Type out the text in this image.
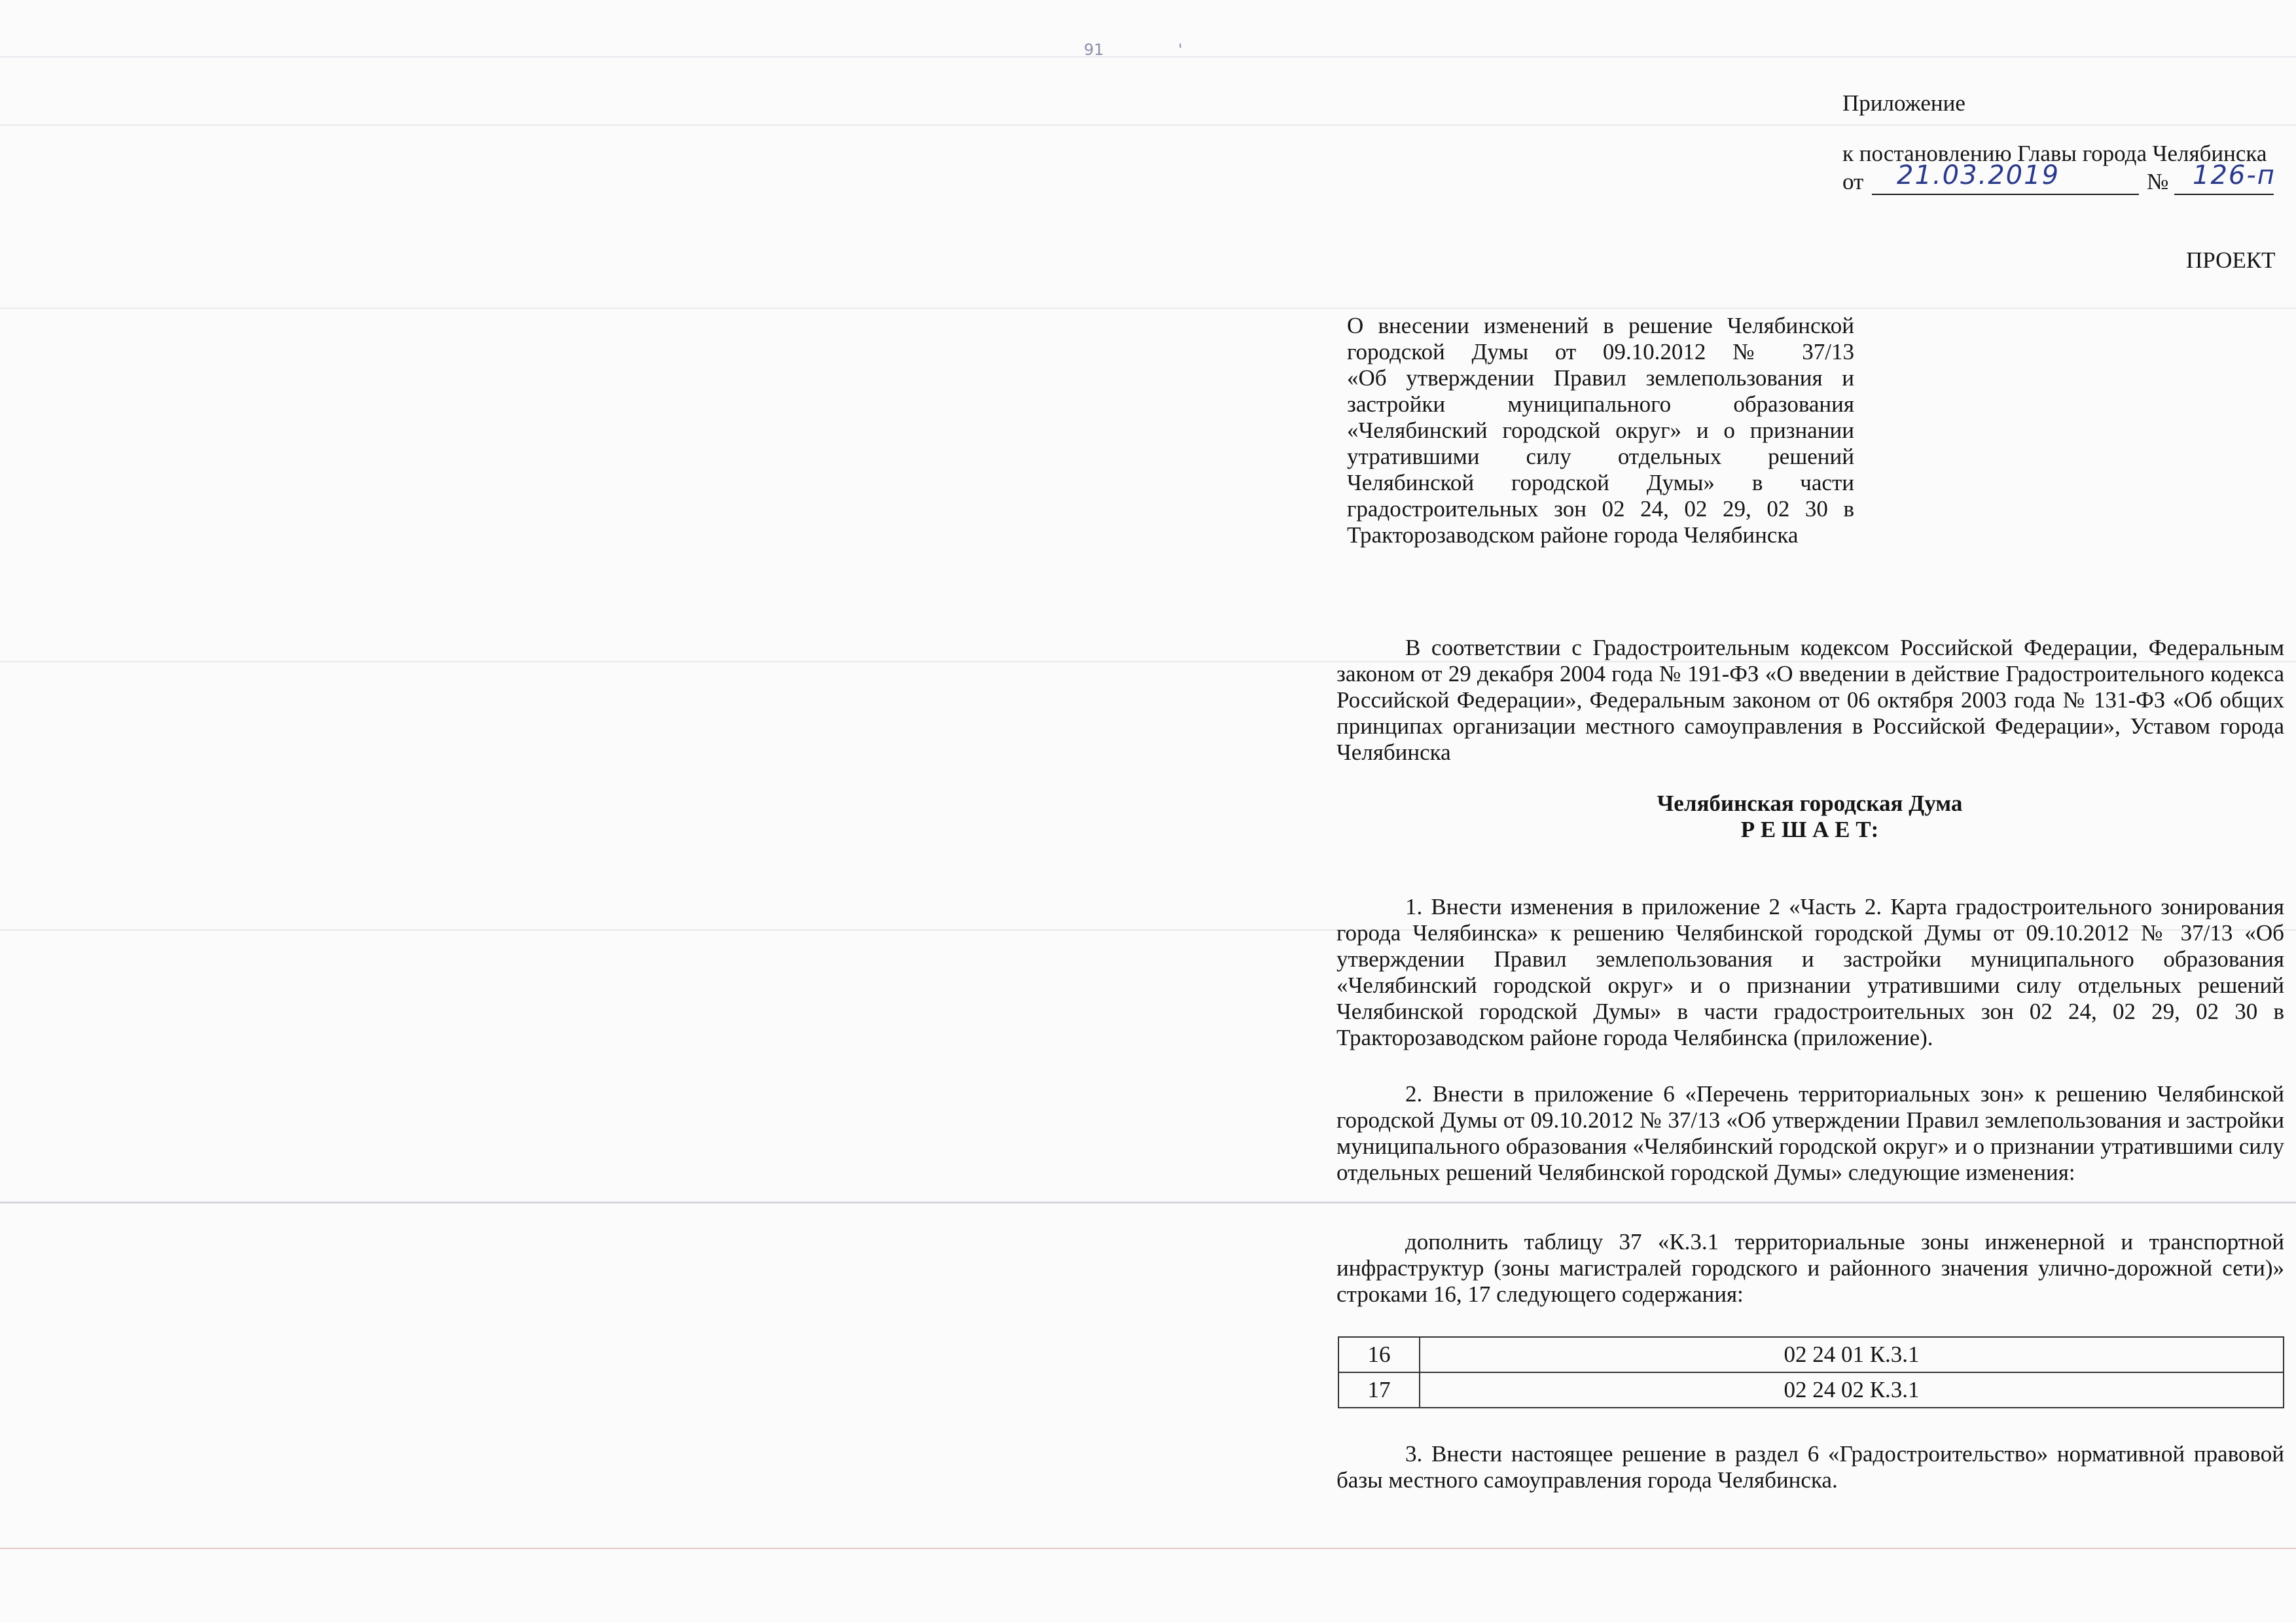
91	'
Приложение
к постановлению Главы города Челябинска
от 21.03.2019	№ 126-п
ПРОЕКТ
О внесении изменений в решение Челябинской
городской Думы от 09.10.2012 № 37/13
«Об утверждении Правил землепользования и
застройки муниципального образования
«Челябинский городской округ» и о признании
утратившими силу отдельных решений
Челябинской городской Думы» в части
градостроительных зон 02 24, 02 29, 02 30 в
Тракторозаводском районе города Челябинска

В соответствии с Градостроительным кодексом Российской Федерации, Федеральным законом от 29 декабря 2004 года № 191-ФЗ «О введении в действие Градостроительного кодекса Российской Федерации», Федеральным законом от 06 октября 2003 года № 131-ФЗ «Об общих принципах организации местного самоуправления в Российской Федерации», Уставом города Челябинска

Челябинская городская Дума
Р Е Ш А Е Т:

1. Внести изменения в приложение 2 «Часть 2. Карта градостроительного зонирования города Челябинска» к решению Челябинской городской Думы от 09.10.2012 № 37/13 «Об утверждении Правил землепользования и застройки муниципального образования «Челябинский городской округ» и о признании утратившими силу отдельных решений Челябинской городской Думы» в части градостроительных зон 02 24, 02 29, 02 30 в Тракторозаводском районе города Челябинска (приложение).

2. Внести в приложение 6 «Перечень территориальных зон» к решению Челябинской городской Думы от 09.10.2012 № 37/13 «Об утверждении Правил землепользования и застройки муниципального образования «Челябинский городской округ» и о признании утратившими силу отдельных решений Челябинской городской Думы» следующие изменения:

дополнить таблицу 37 «К.3.1 территориальные зоны инженерной и транспортной инфраструктур (зоны магистралей городского и районного значения улично-дорожной сети)» строками 16, 17 следующего содержания:

16	02 24 01 К.3.1
17	02 24 02 К.3.1

3. Внести настоящее решение в раздел 6 «Градостроительство» нормативной правовой базы местного самоуправления города Челябинска.
